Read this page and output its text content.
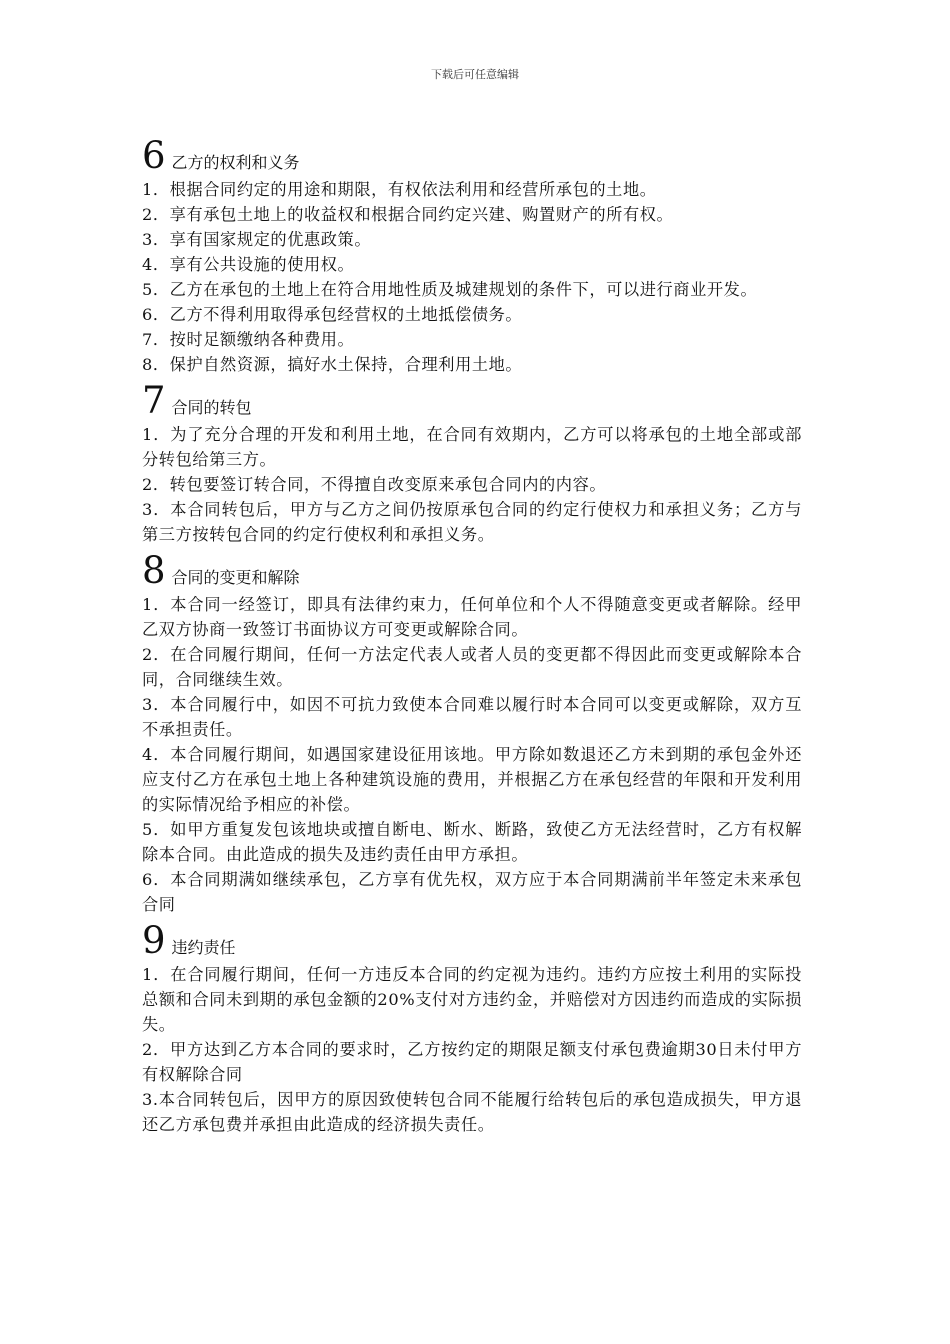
下载后可任意编辑
6 乙方的权利和义务

1．根据合同约定的用途和期限，有权依法利用和经营所承包的土地。

2．享有承包土地上的收益权和根据合同约定兴建、购置财产的所有权。

3．享有国家规定的优惠政策。

4．享有公共设施的使用权。

5．乙方在承包的土地上在符合用地性质及城建规划的条件下，可以进行商业开发。

6．乙方不得利用取得承包经营权的土地抵偿债务。

7．按时足额缴纳各种费用。

8．保护自然资源，搞好水土保持，合理利用土地。

7 合同的转包

1．为了充分合理的开发和利用土地，在合同有效期内，乙方可以将承包的土地全部或部分转包给第三方。

2．转包要签订转合同，不得擅自改变原来承包合同内的内容。

3．本合同转包后，甲方与乙方之间仍按原承包合同的约定行使权力和承担义务；乙方与第三方按转包合同的约定行使权利和承担义务。

8 合同的变更和解除

1．本合同一经签订，即具有法律约束力，任何单位和个人不得随意变更或者解除。经甲乙双方协商一致签订书面协议方可变更或解除合同。

2．在合同履行期间，任何一方法定代表人或者人员的变更都不得因此而变更或解除本合同，合同继续生效。

3．本合同履行中，如因不可抗力致使本合同难以履行时本合同可以变更或解除，双方互不承担责任。

4．本合同履行期间，如遇国家建设征用该地。甲方除如数退还乙方未到期的承包金外还应支付乙方在承包土地上各种建筑设施的费用，并根据乙方在承包经营的年限和开发利用的实际情况给予相应的补偿。

5．如甲方重复发包该地块或擅自断电、断水、断路，致使乙方无法经营时，乙方有权解除本合同。由此造成的损失及违约责任由甲方承担。

6．本合同期满如继续承包，乙方享有优先权，双方应于本合同期满前半年签定未来承包合同

9 违约责任

1．在合同履行期间，任何一方违反本合同的约定视为违约。违约方应按土利用的实际投总额和合同未到期的承包金额的20%支付对方违约金，并赔偿对方因违约而造成的实际损失。

2．甲方达到乙方本合同的要求时，乙方按约定的期限足额支付承包费逾期30日未付甲方有权解除合同

3.本合同转包后，因甲方的原因致使转包合同不能履行给转包后的承包造成损失，甲方退还乙方承包费并承担由此造成的经济损失责任。
